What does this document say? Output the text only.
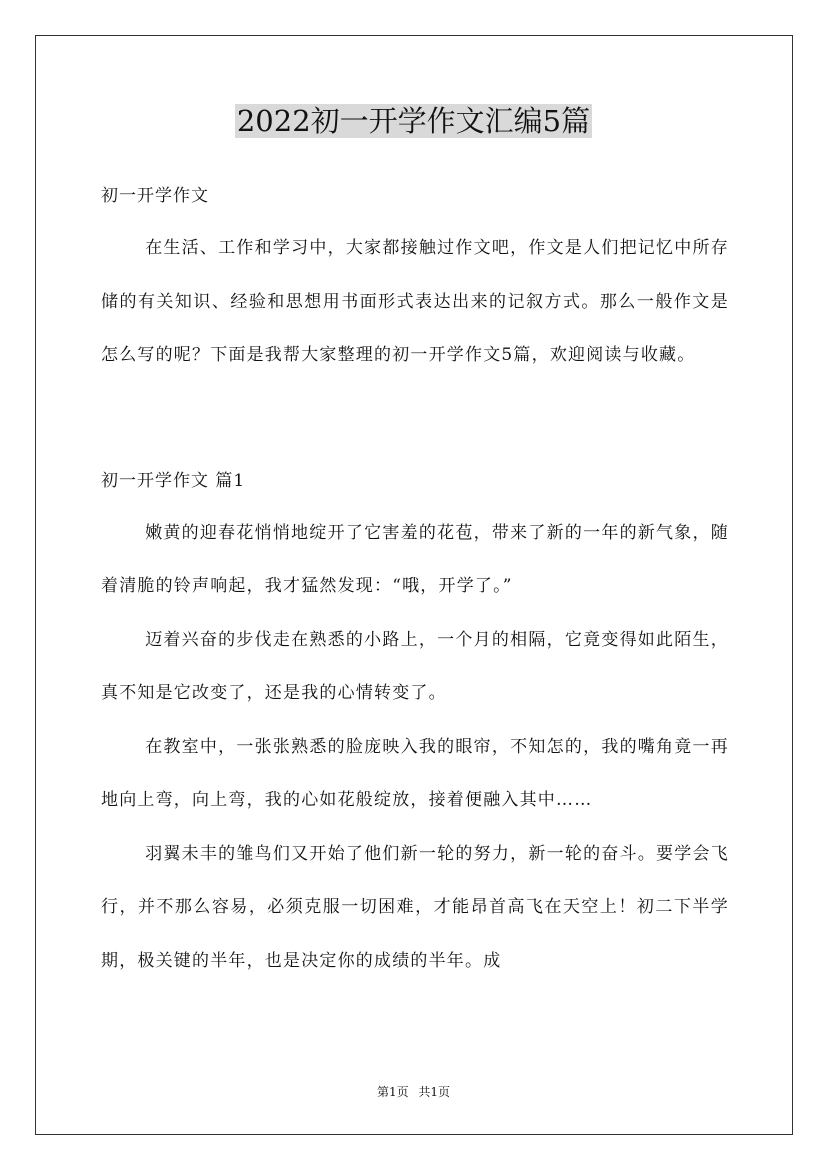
2022初一开学作文汇编5篇

初一开学作文

在生活、工作和学习中，大家都接触过作文吧，作文是人们把记忆中所存储的有关知识、经验和思想用书面形式表达出来的记叙方式。那么一般作文是怎么写的呢？下面是我帮大家整理的初一开学作文5篇，欢迎阅读与收藏。

初一开学作文 篇1

嫩黄的迎春花悄悄地绽开了它害羞的花苞，带来了新的一年的新气象，随着清脆的铃声响起，我才猛然发现：“哦，开学了。”

迈着兴奋的步伐走在熟悉的小路上，一个月的相隔，它竟变得如此陌生，真不知是它改变了，还是我的心情转变了。

在教室中，一张张熟悉的脸庞映入我的眼帘，不知怎的，我的嘴角竟一再地向上弯，向上弯，我的心如花般绽放，接着便融入其中……

羽翼未丰的雏鸟们又开始了他们新一轮的努力，新一轮的奋斗。要学会飞行，并不那么容易，必须克服一切困难，才能昂首高飞在天空上！初二下半学期，极关键的半年，也是决定你的成绩的半年。成

第1页 共1页
